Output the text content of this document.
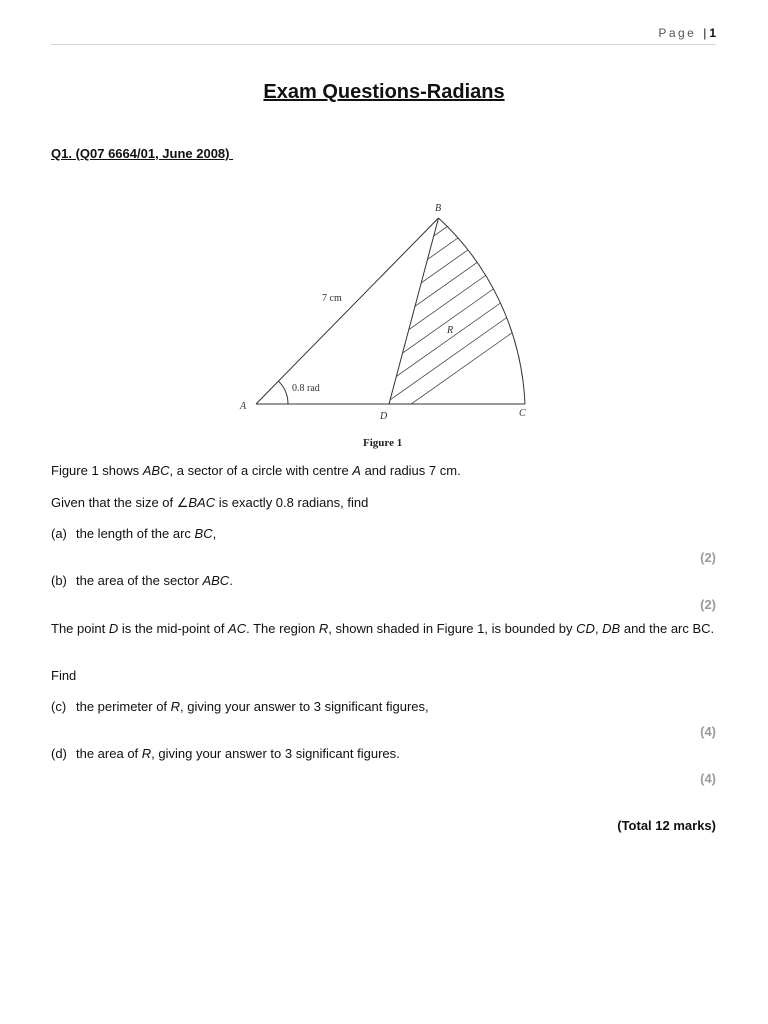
Page | 1
Exam Questions-Radians
Q1. (Q07 6664/01, June 2008)
B
A
D	C
R
7 cm
0.8 rad
Figure 1

Figure 1 shows ABC, a sector of a circle with centre A and radius 7 cm.

Given that the size of ∠BAC is exactly 0.8 radians, find

(a) the length of the arc BC,

(2)

(b) the area of the sector ABC.

(2)

The point D is the mid-point of AC. The region R, shown shaded in Figure 1, is bounded by CD, DB and the arc BC.

Find

(c) the perimeter of R, giving your answer to 3 significant figures,

(4)

(d) the area of R, giving your answer to 3 significant figures.

(4)
(Total 12 marks)
